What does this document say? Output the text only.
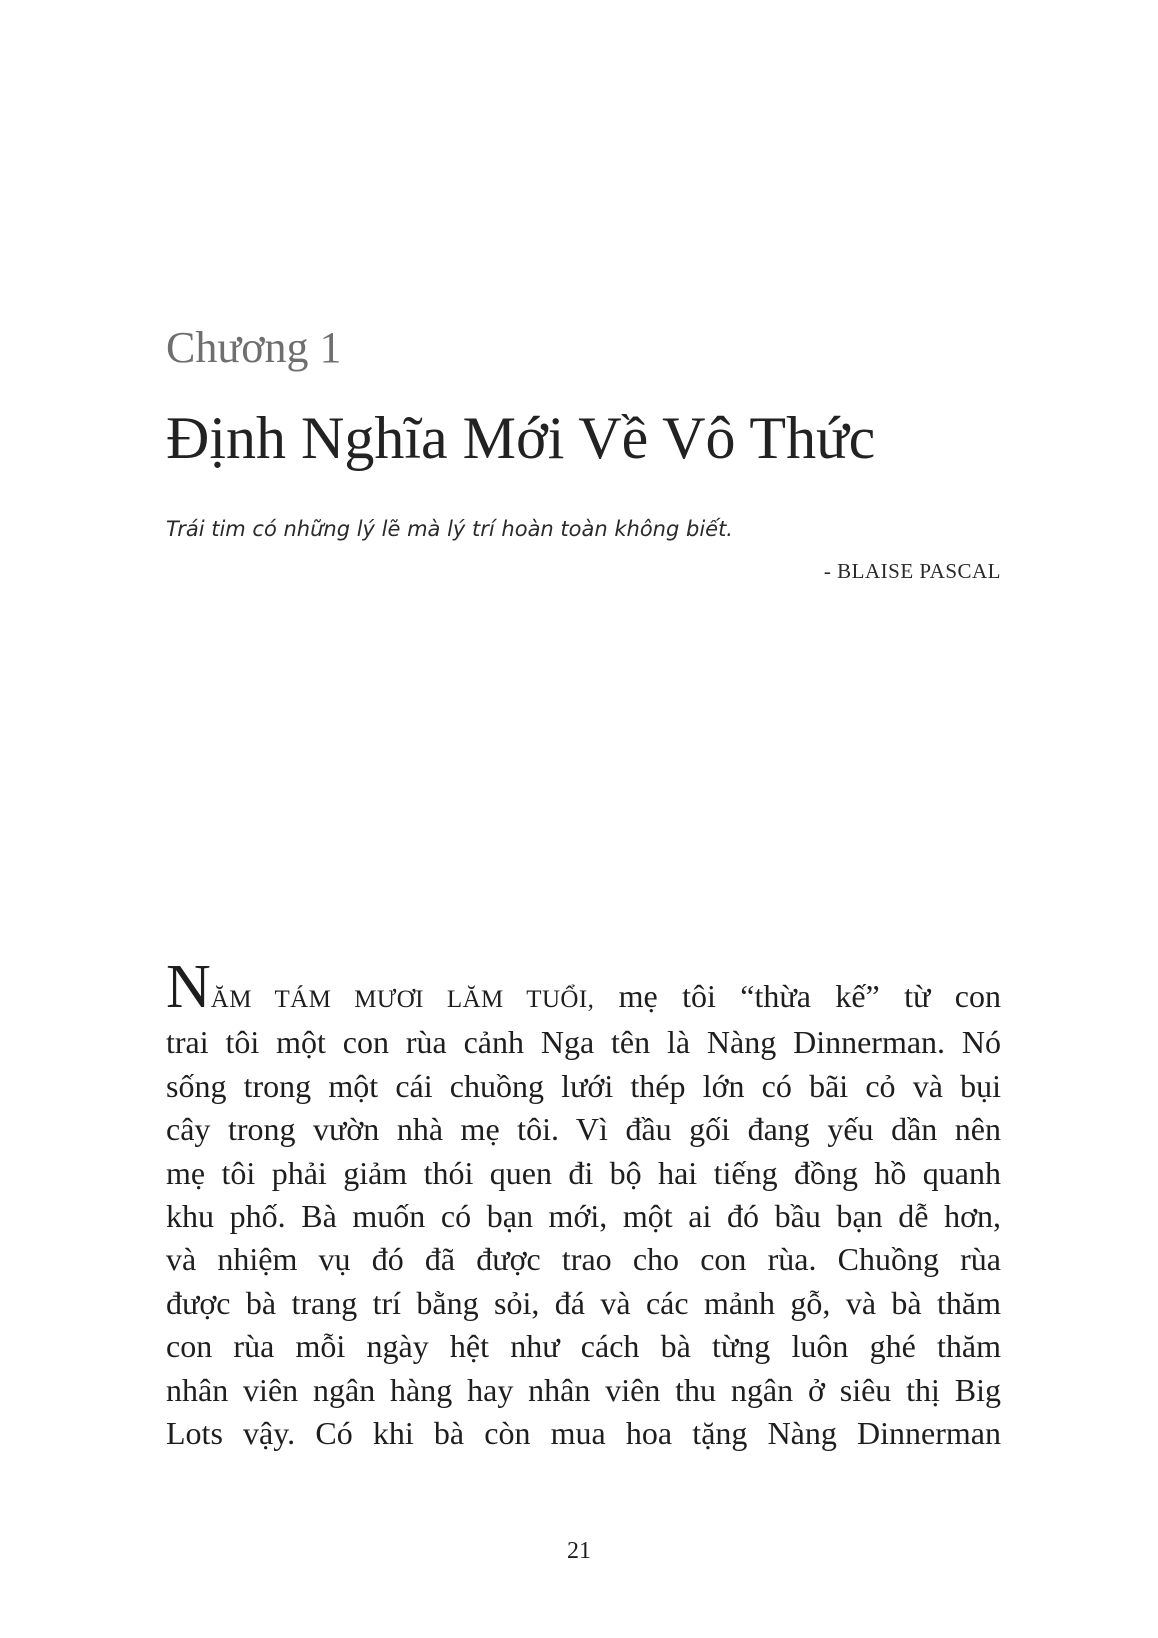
Chương 1
Định Nghĩa Mới Về Vô Thức
Trái tim có những lý lẽ mà lý trí hoàn toàn không biết.
- BLAISE PASCAL
NĂM TÁM MƯƠI LĂM TUỔI, mẹ tôi “thừa kế” từ con
trai tôi một con rùa cảnh Nga tên là Nàng Dinnerman. Nó
sống trong một cái chuồng lưới thép lớn có bãi cỏ và bụi
cây trong vườn nhà mẹ tôi. Vì đầu gối đang yếu dần nên
mẹ tôi phải giảm thói quen đi bộ hai tiếng đồng hồ quanh
khu phố. Bà muốn có bạn mới, một ai đó bầu bạn dễ hơn,
và nhiệm vụ đó đã được trao cho con rùa. Chuồng rùa
được bà trang trí bằng sỏi, đá và các mảnh gỗ, và bà thăm
con rùa mỗi ngày hệt như cách bà từng luôn ghé thăm
nhân viên ngân hàng hay nhân viên thu ngân ở siêu thị Big
Lots vậy. Có khi bà còn mua hoa tặng Nàng Dinnerman
21
